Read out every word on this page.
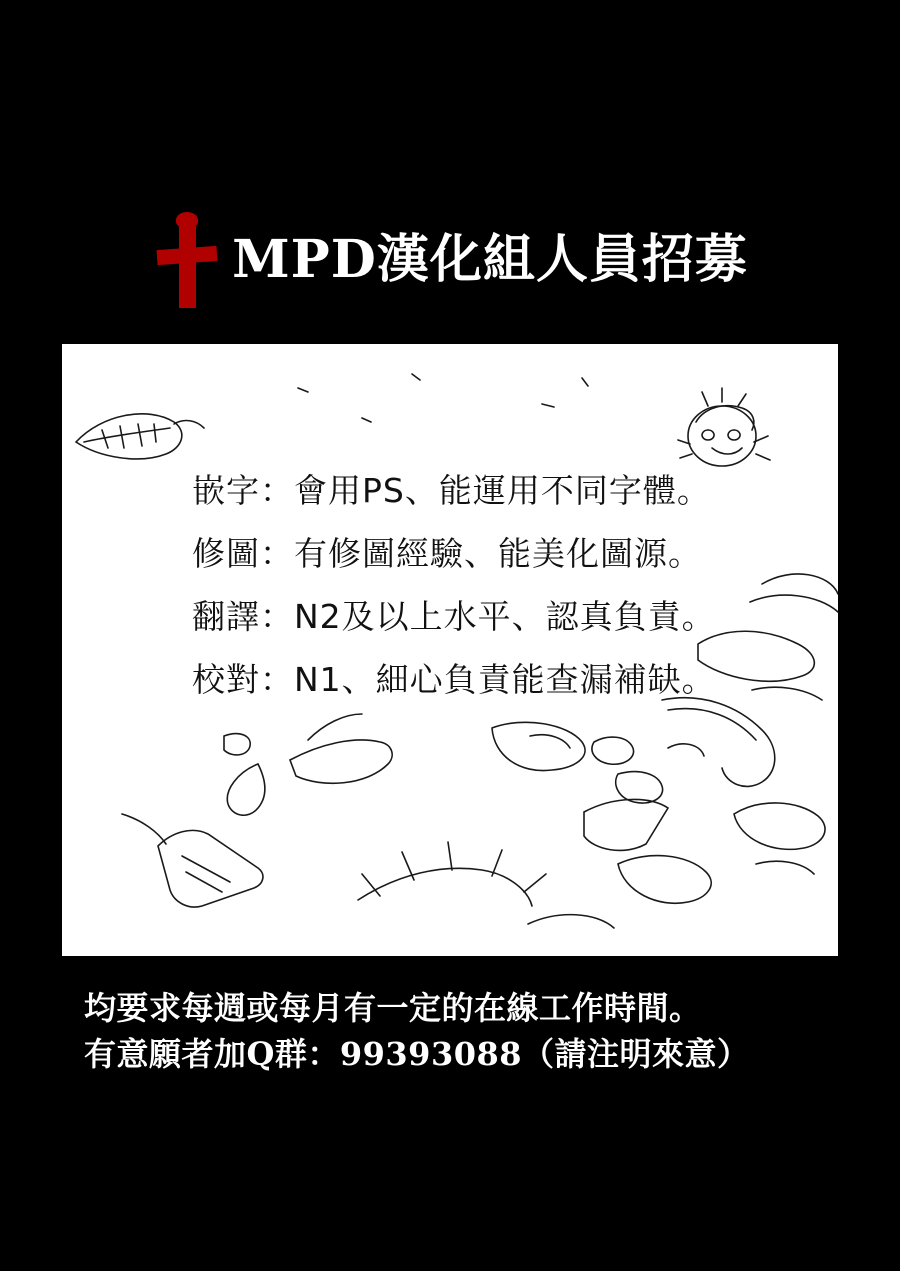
MPD漢化組人員招募
嵌字：會用PS、能運用不同字體。
修圖：有修圖經驗、能美化圖源。
翻譯：N2及以上水平、認真負責。
校對：N1、細心負責能查漏補缺。
均要求每週或每月有一定的在線工作時間。
有意願者加Q群：99393088（請注明來意）
